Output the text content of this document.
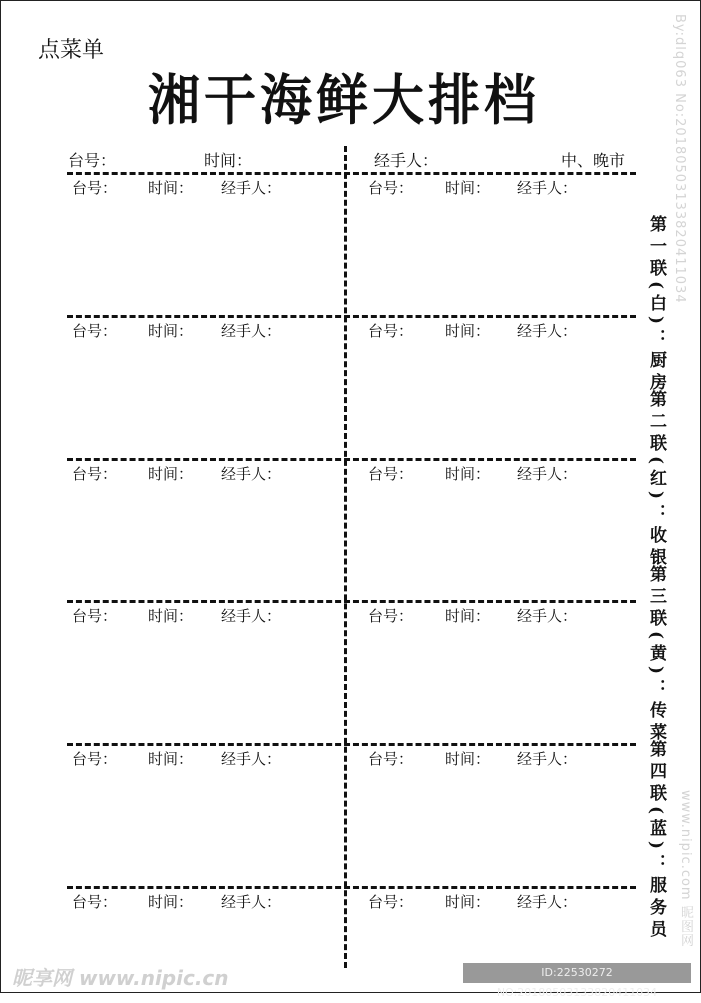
点菜单
湘干海鲜大排档
台号：	时间：	经手人：	中、晚市
台号： 时间： 经手人：	台号： 时间： 经手人：
台号： 时间： 经手人：	台号： 时间： 经手人：
台号： 时间： 经手人：	台号： 时间： 经手人：
台号： 时间： 经手人：	台号： 时间： 经手人：
台号： 时间： 经手人：	台号： 时间： 经手人：
台号： 时间： 经手人：	台号： 时间： 经手人：
第一联(白)：厨房
第二联(红)：收银
第三联(黄)：传菜
第四联(蓝)：服务员
By:dlq063 No:20180503133820411034
www.nipic.com 昵图网
昵享网 www.nipic.cn	ID:22530272 NO:20180503133820411034
